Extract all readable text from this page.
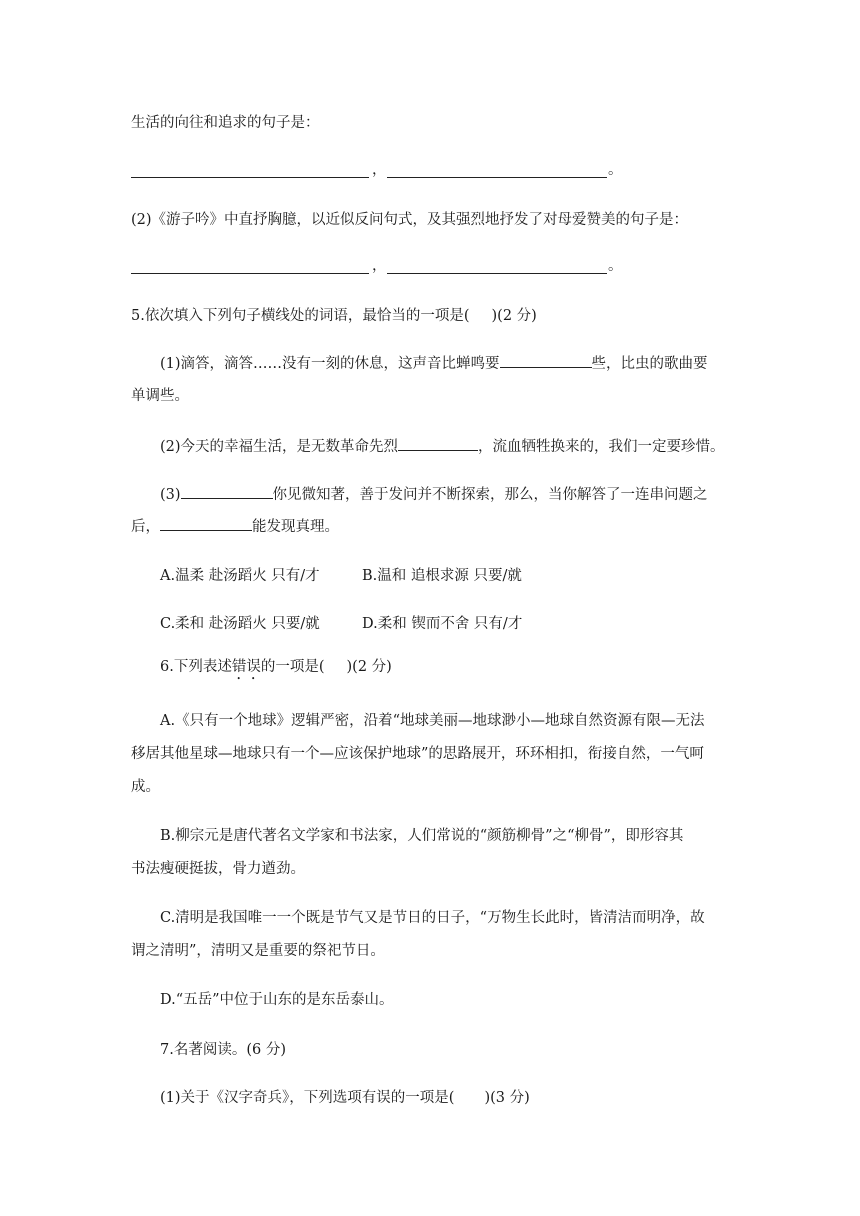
生活的向往和追求的句子是：
，	。
(2)《游子吟》中直抒胸臆，以近似反问句式，及其强烈地抒发了对母爱赞美的句子是：
，	。
5.依次填入下列句子横线处的词语，最恰当的一项是( )(2 分)
(1)滴答，滴答……没有一刻的休息，这声音比蝉鸣要	些，比虫的歌曲要
单调些。
(2)今天的幸福生活，是无数革命先烈	，流血牺牲换来的，我们一定要珍惜。
(3)	你见微知著，善于发问并不断探索，那么，当你解答了一连串问题之
后，	能发现真理。
A.温柔 赴汤蹈火 只有/才	B.温和 追根求源 只要/就
C.柔和 赴汤蹈火 只要/就	D.柔和 锲而不舍 只有/才
6.下列表述错误的一项是( )(2 分)
A.《只有一个地球》逻辑严密，沿着“地球美丽—地球渺小—地球自然资源有限—无法
移居其他星球—地球只有一个—应该保护地球”的思路展开，环环相扣，衔接自然，一气呵
成。
B.柳宗元是唐代著名文学家和书法家，人们常说的“颜筋柳骨”之“柳骨”，即形容其
书法瘦硬挺拔，骨力遒劲。
C.清明是我国唯一一个既是节气又是节日的日子，“万物生长此时，皆清洁而明净，故
谓之清明”，清明又是重要的祭祀节日。
D.“五岳”中位于山东的是东岳泰山。
7.名著阅读。(6 分)
(1)关于《汉字奇兵》，下列选项有误的一项是( )(3 分)
